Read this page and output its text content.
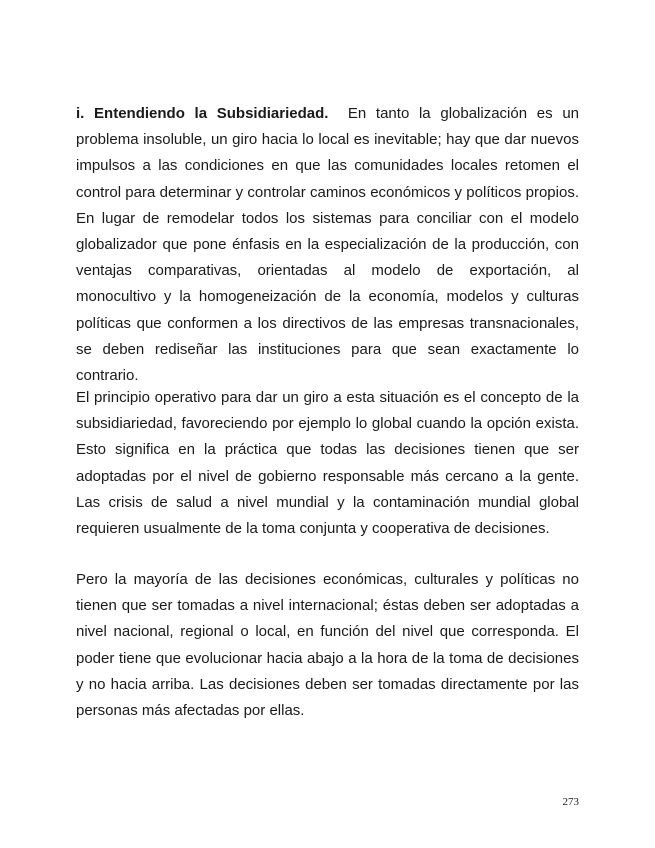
i. Entendiendo la Subsidiariedad. En tanto la globalización es un problema insoluble, un giro hacia lo local es inevitable; hay que dar nuevos impulsos a las condiciones en que las comunidades locales retomen el control para determinar y controlar caminos económicos y políticos propios. En lugar de remodelar todos los sistemas para conciliar con el modelo globalizador que pone énfasis en la especialización de la producción, con ventajas comparativas, orientadas al modelo de exportación, al monocultivo y la homogeneización de la economía, modelos y culturas políticas que conformen a los directivos de las empresas transnacionales, se deben rediseñar las instituciones para que sean exactamente lo contrario.

El principio operativo para dar un giro a esta situación es el concepto de la subsidiariedad, favoreciendo por ejemplo lo global cuando la opción exista. Esto significa en la práctica que todas las decisiones tienen que ser adoptadas por el nivel de gobierno responsable más cercano a la gente. Las crisis de salud a nivel mundial y la contaminación mundial global requieren usualmente de la toma conjunta y cooperativa de decisiones.

Pero la mayoría de las decisiones económicas, culturales y políticas no tienen que ser tomadas a nivel internacional; éstas deben ser adoptadas a nivel nacional, regional o local, en función del nivel que corresponda. El poder tiene que evolucionar hacia abajo a la hora de la toma de decisiones y no hacia arriba. Las decisiones deben ser tomadas directamente por las personas más afectadas por ellas.

273
